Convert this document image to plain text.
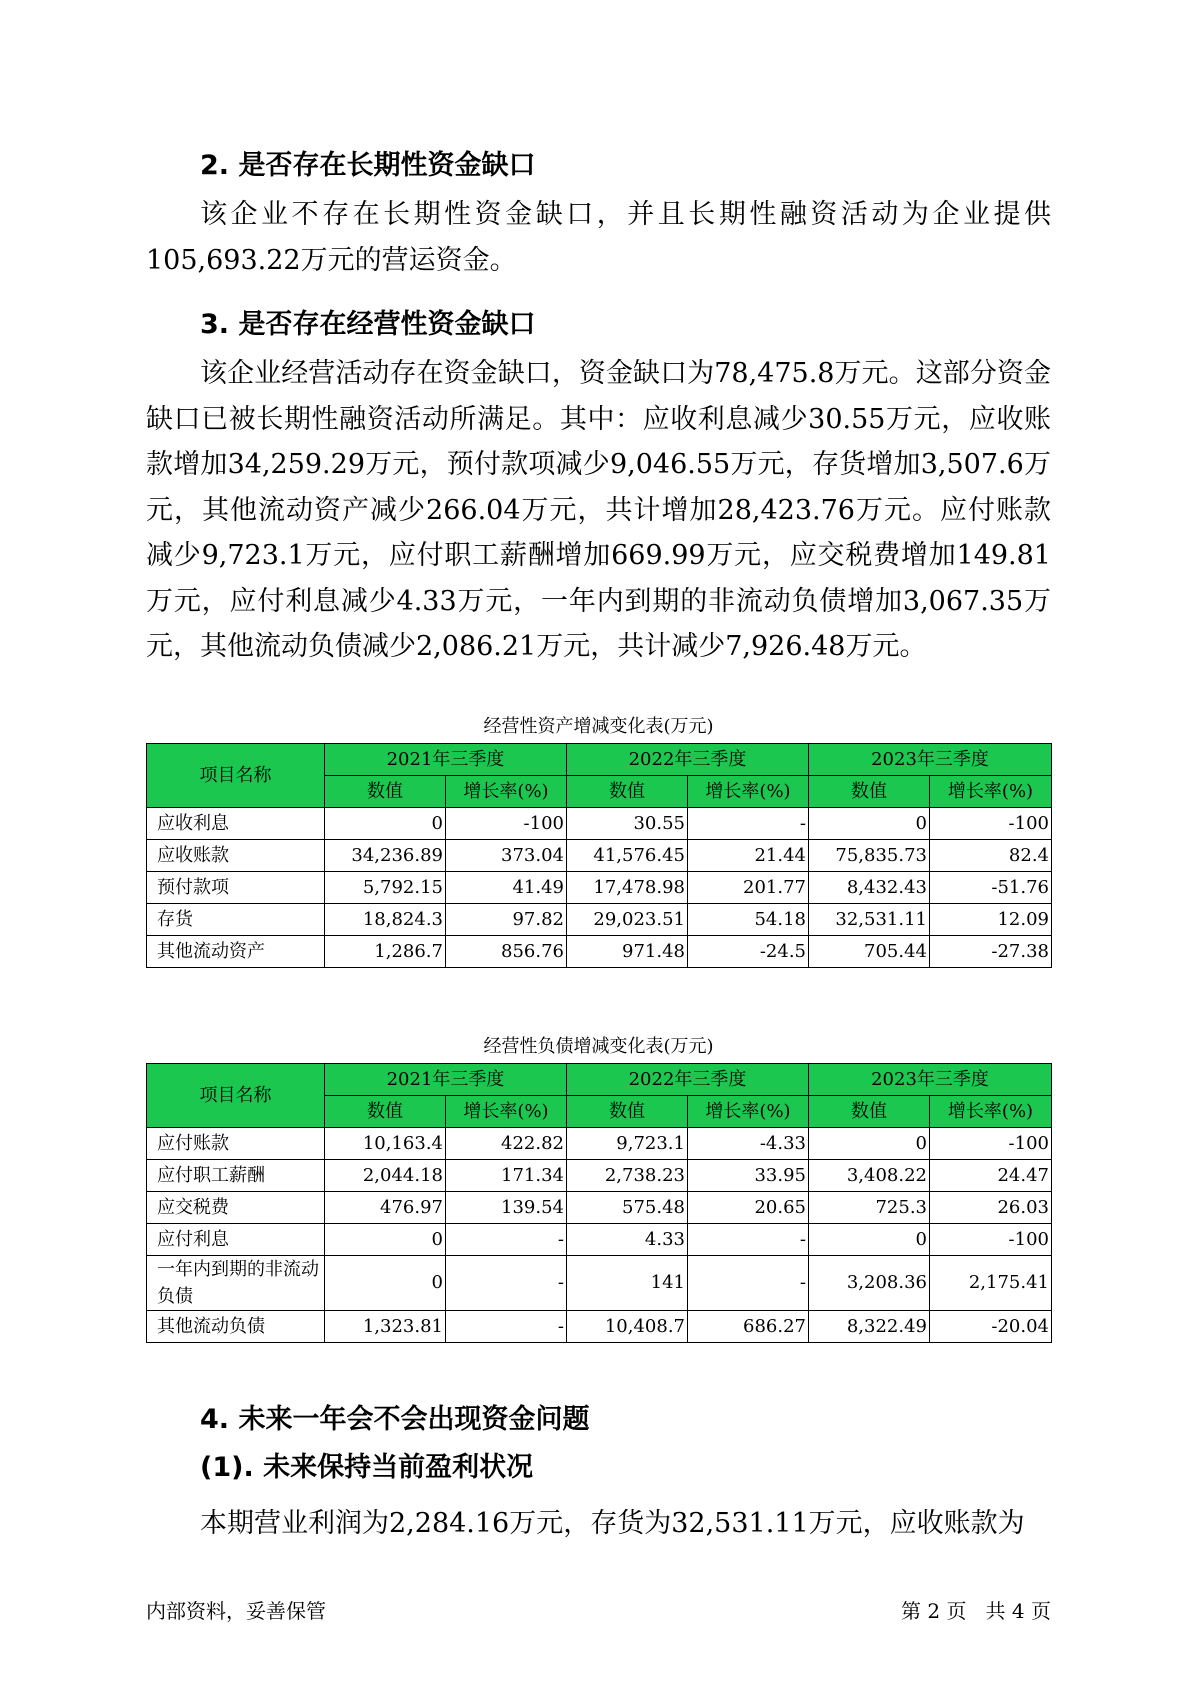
2. 是否存在长期性资金缺口

该企业不存在长期性资金缺口，并且长期性融资活动为企业提供105,693.22万元的营运资金。

3. 是否存在经营性资金缺口

该企业经营活动存在资金缺口，资金缺口为78,475.8万元。这部分资金缺口已被长期性融资活动所满足。其中：应收利息减少30.55万元，应收账款增加34,259.29万元，预付款项减少9,046.55万元，存货增加3,507.6万元，其他流动资产减少266.04万元，共计增加28,423.76万元。应付账款减少9,723.1万元，应付职工薪酬增加669.99万元，应交税费增加149.81万元，应付利息减少4.33万元，一年内到期的非流动负债增加3,067.35万元，其他流动负债减少2,086.21万元，共计减少7,926.48万元。

经营性资产增减变化表(万元)
项目名称	2021年三季度		2022年三季度		2023年三季度	
	数值	增长率(%)	数值	增长率(%)	数值	增长率(%)
应收利息	0	-100	30.55	-	0	-100
应收账款	34,236.89	373.04	41,576.45	21.44	75,835.73	82.4
预付款项	5,792.15	41.49	17,478.98	201.77	8,432.43	-51.76
存货	18,824.3	97.82	29,023.51	54.18	32,531.11	12.09
其他流动资产	1,286.7	856.76	971.48	-24.5	705.44	-27.38
经营性负债增减变化表(万元)
项目名称	2021年三季度		2022年三季度		2023年三季度	
	数值	增长率(%)	数值	增长率(%)	数值	增长率(%)
应付账款	10,163.4	422.82	9,723.1	-4.33	0	-100
应付职工薪酬	2,044.18	171.34	2,738.23	33.95	3,408.22	24.47
应交税费	476.97	139.54	575.48	20.65	725.3	26.03
应付利息	0	-	4.33	-	0	-100
一年内到期的非流动负债	0	-	141	-	3,208.36	2,175.41
其他流动负债	1,323.81	-	10,408.7	686.27	8,322.49	-20.04
4. 未来一年会不会出现资金问题
(1). 未来保持当前盈利状况

本期营业利润为2,284.16万元，存货为32,531.11万元，应收账款为

内部资料，妥善保管	第 2 页   共 4 页
